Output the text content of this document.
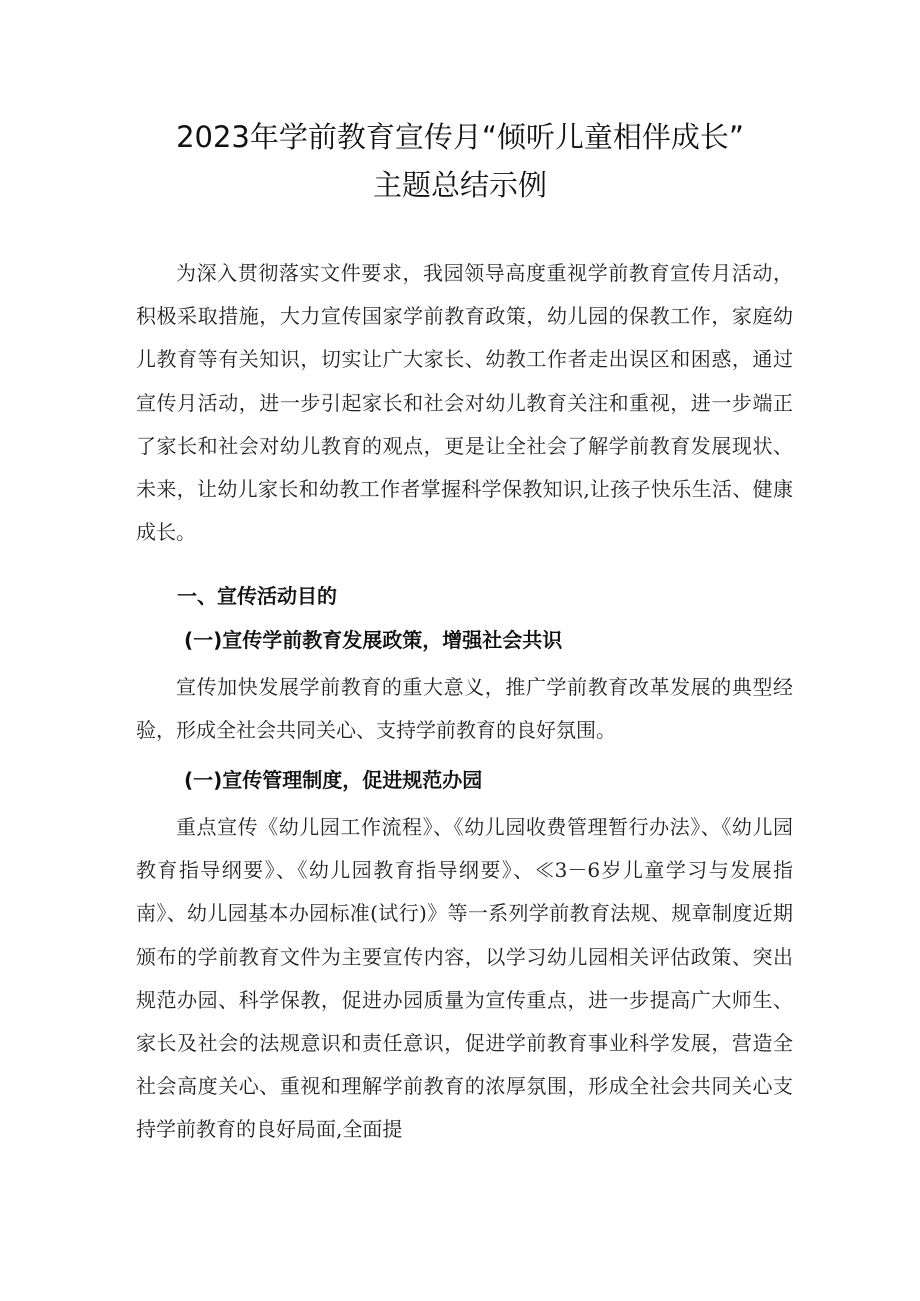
2023年学前教育宣传月“倾听儿童相伴成长”
主题总结示例

为深入贯彻落实文件要求，我园领导高度重视学前教育宣传月活动，积极采取措施，大力宣传国家学前教育政策，幼儿园的保教工作，家庭幼儿教育等有关知识，切实让广大家长、幼教工作者走出误区和困惑，通过宣传月活动，进一步引起家长和社会对幼儿教育关注和重视，进一步端正了家长和社会对幼儿教育的观点，更是让全社会了解学前教育发展现状、未来，让幼儿家长和幼教工作者掌握科学保教知识,让孩子快乐生活、健康成长。

一、宣传活动目的

(一)宣传学前教育发展政策，增强社会共识

宣传加快发展学前教育的重大意义，推广学前教育改革发展的典型经验，形成全社会共同关心、支持学前教育的良好氛围。

(一)宣传管理制度，促进规范办园

重点宣传《幼儿园工作流程》、《幼儿园收费管理暂行办法》、《幼儿园教育指导纲要》、《幼儿园教育指导纲要》、≪3－6岁儿童学习与发展指南》、幼儿园基本办园标准(试行)》等一系列学前教育法规、规章制度近期颁布的学前教育文件为主要宣传内容，以学习幼儿园相关评估政策、突出规范办园、科学保教，促进办园质量为宣传重点，进一步提高广大师生、家长及社会的法规意识和责任意识，促进学前教育事业科学发展，营造全社会高度关心、重视和理解学前教育的浓厚氛围，形成全社会共同关心支持学前教育的良好局面,全面提
